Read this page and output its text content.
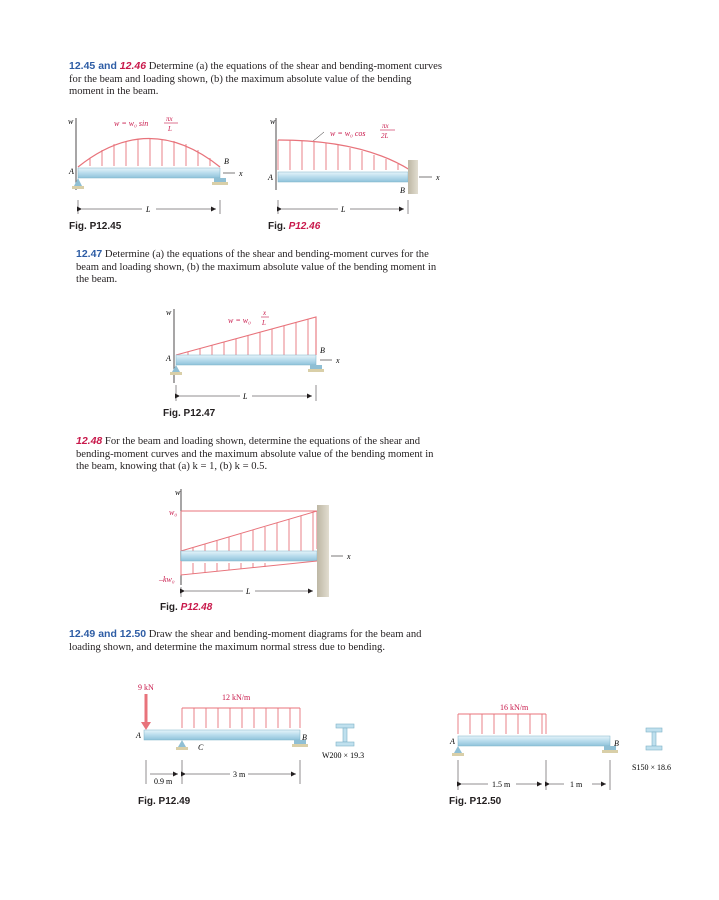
12.45 and 12.46 Determine (a) the equations of the shear and bending-moment curves for the beam and loading shown, (b) the maximum absolute value of the bending moment in the beam.
w	w = w₀ sin	πx
L
A
B
x
L
Fig. P12.45
w
w = w₀ cos
πx
2L
A
B
x
L
Fig. P12.46
12.47 Determine (a) the equations of the shear and bending-moment curves for the beam and loading shown, (b) the maximum absolute value of the bending moment in the beam.
w
w = w₀
x
L
A
B
x
L
Fig. P12.47
12.48 For the beam and loading shown, determine the equations of the shear and bending-moment curves and the maximum absolute value of the bending moment in the beam, knowing that (a) k = 1, (b) k = 0.5.
w
w₀
–kw₀
x
L
Fig. P12.48
12.49 and 12.50 Draw the shear and bending-moment diagrams for the beam and loading shown, and determine the maximum normal stress due to bending.
9 kN
12 kN/m
A
C
B
W200 × 19.3
0.9 m
3 m
Fig. P12.49
16 kN/m
A	B
S150 × 18.6
1.5 m	1 m
Fig. P12.50
